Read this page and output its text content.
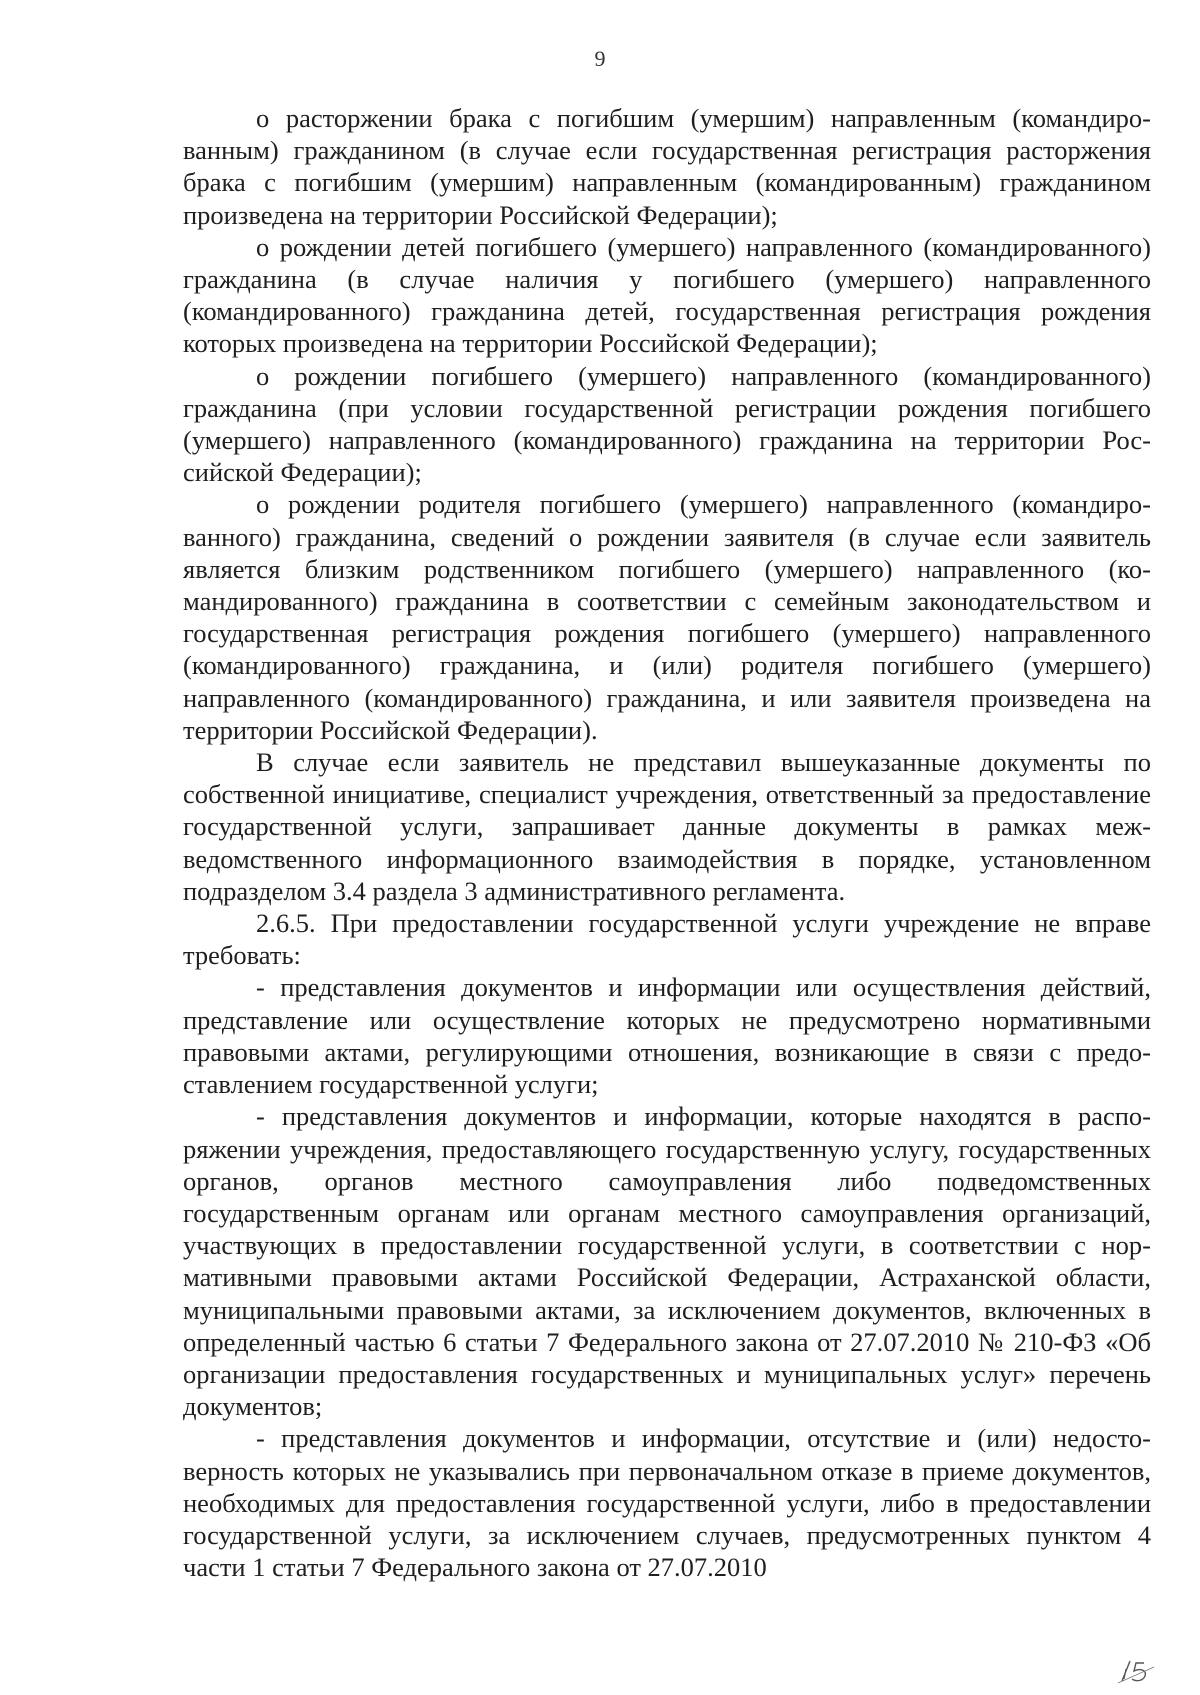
9

о расторжении брака с погибшим (умершим) направленным (командированным) гражданином (в случае если государственная регистрация расторжения брака с погибшим (умершим) направленным (командированным) гражданином произведена на территории Российской Федерации);

о рождении детей погибшего (умершего) направленного (командированного) гражданина (в случае наличия у погибшего (умершего) направленного (командированного) гражданина детей, государственная регистрация рождения которых произведена на территории Российской Федерации);

о рождении погибшего (умершего) направленного (командированного) гражданина (при условии государственной регистрации рождения погибшего (умершего) направленного (командированного) гражданина на территории Российской Федерации);

о рождении родителя погибшего (умершего) направленного (командированного) гражданина, сведений о рождении заявителя (в случае если заявитель является близким родственником погибшего (умершего) направленного (командированного) гражданина в соответствии с семейным законодательством и государственная регистрация рождения погибшего (умершего) направленного (командированного) гражданина, и (или) родителя погибшего (умершего) направленного (командированного) гражданина, и или заявителя произведена на территории Российской Федерации).

В случае если заявитель не представил вышеуказанные документы по собственной инициативе, специалист учреждения, ответственный за предоставление государственной услуги, запрашивает данные документы в рамках межведомственного информационного взаимодействия в порядке, установленном подразделом 3.4 раздела 3 административного регламента.

2.6.5. При предоставлении государственной услуги учреждение не вправе требовать:

- представления документов и информации или осуществления действий, представление или осуществление которых не предусмотрено нормативными правовыми актами, регулирующими отношения, возникающие в связи с предоставлением государственной услуги;

- представления документов и информации, которые находятся в распоряжении учреждения, предоставляющего государственную услугу, государственных органов, органов местного самоуправления либо подведомственных государственным органам или органам местного самоуправления организаций, участвующих в предоставлении государственной услуги, в соответствии с нормативными правовыми актами Российской Федерации, Астраханской области, муниципальными правовыми актами, за исключением документов, включенных в определенный частью 6 статьи 7 Федерального закона от 27.07.2010 № 210-ФЗ «Об организации предоставления государственных и муниципальных услуг» перечень документов;

- представления документов и информации, отсутствие и (или) недостоверность которых не указывались при первоначальном отказе в приеме документов, необходимых для предоставления государственной услуги, либо в предоставлении государственной услуги, за исключением случаев, предусмотренных пунктом 4 части 1 статьи 7 Федерального закона от 27.07.2010
